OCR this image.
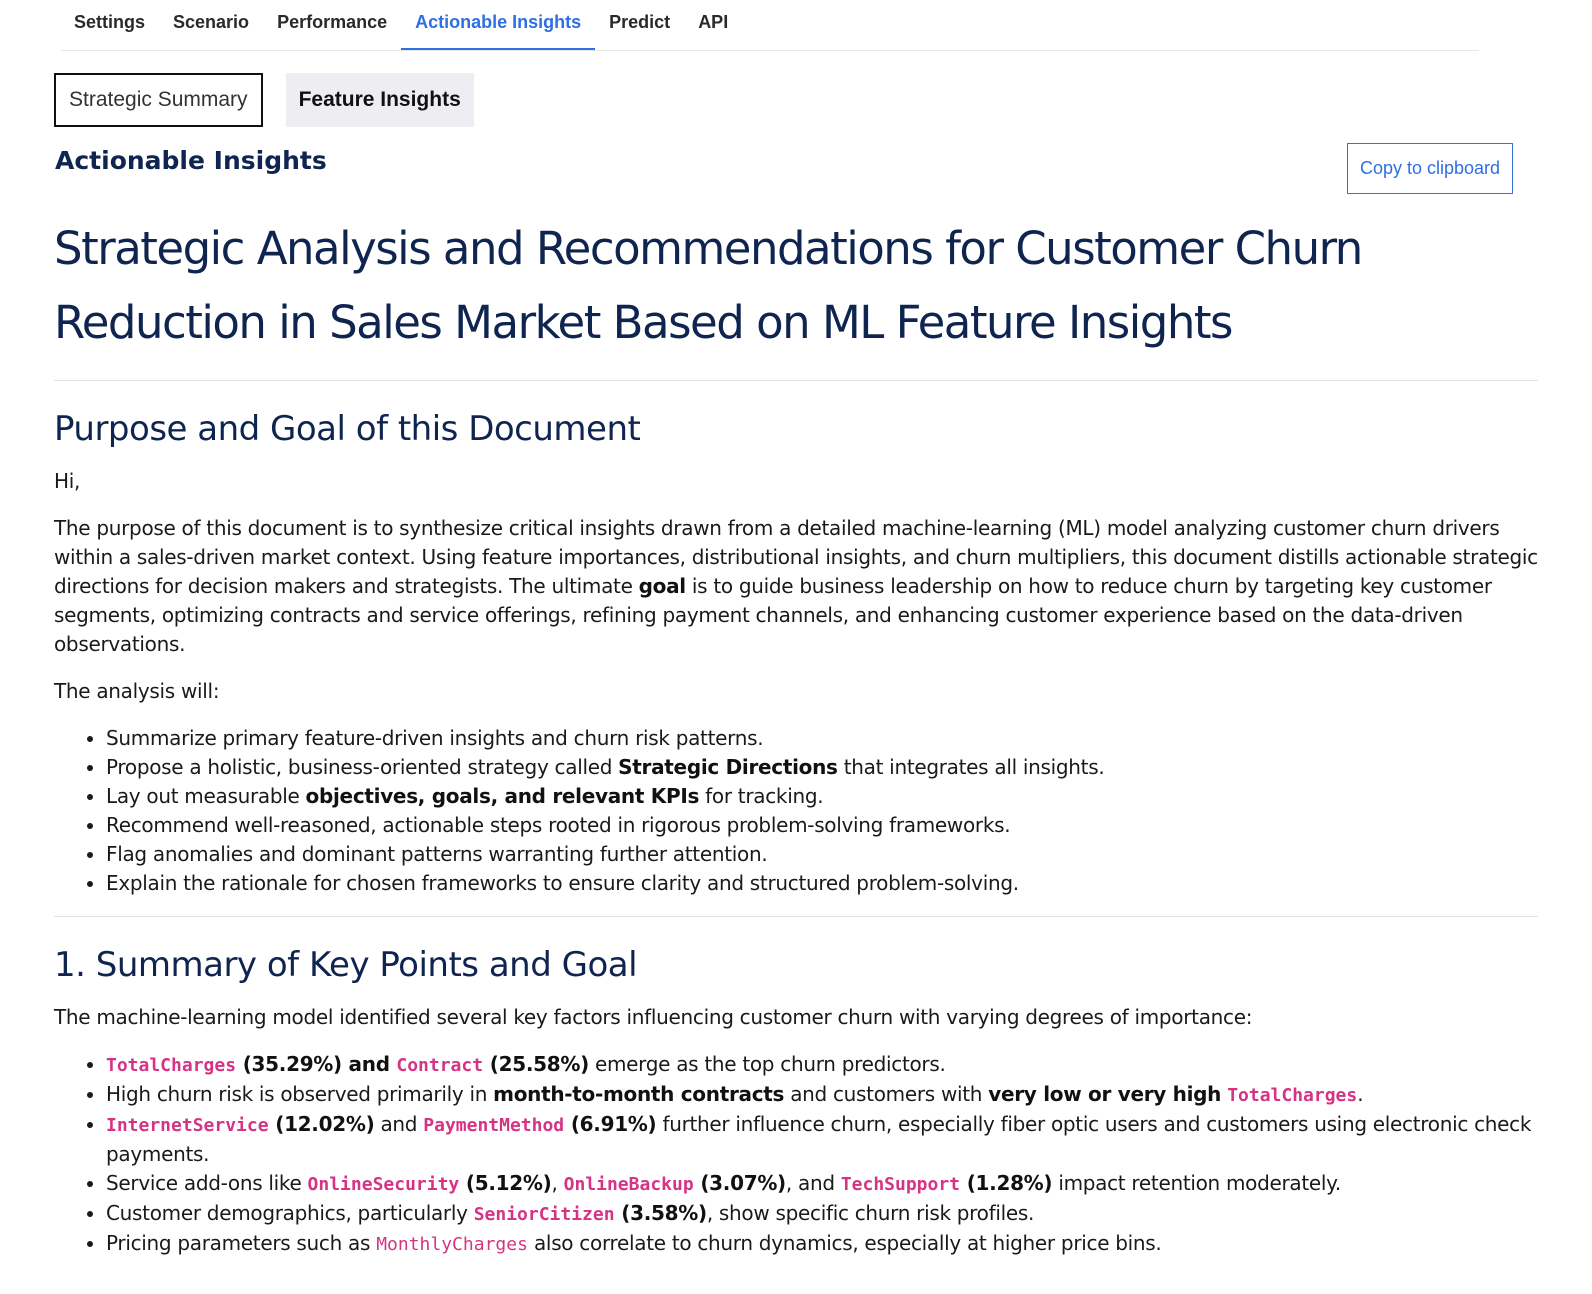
Settings	Scenario	Performance	Actionable Insights	Predict	API
Strategic Summary	Feature Insights
Actionable Insights	Copy to clipboard
Strategic Analysis and Recommendations for Customer Churn Reduction in Sales Market Based on ML Feature Insights
Purpose and Goal of this Document

Hi,

The purpose of this document is to synthesize critical insights drawn from a detailed machine-learning (ML) model analyzing customer churn drivers within a sales-driven market context. Using feature importances, distributional insights, and churn multipliers, this document distills actionable strategic directions for decision makers and strategists. The ultimate goal is to guide business leadership on how to reduce churn by targeting key customer segments, optimizing contracts and service offerings, refining payment channels, and enhancing customer experience based on the data-driven observations.

The analysis will:

• Summarize primary feature-driven insights and churn risk patterns.
• Propose a holistic, business-oriented strategy called Strategic Directions that integrates all insights.
• Lay out measurable objectives, goals, and relevant KPIs for tracking.
• Recommend well-reasoned, actionable steps rooted in rigorous problem-solving frameworks.
• Flag anomalies and dominant patterns warranting further attention.
• Explain the rationale for chosen frameworks to ensure clarity and structured problem-solving.
1. Summary of Key Points and Goal

The machine-learning model identified several key factors influencing customer churn with varying degrees of importance:

• TotalCharges (35.29%) and Contract (25.58%) emerge as the top churn predictors.
• High churn risk is observed primarily in month-to-month contracts and customers with very low or very high TotalCharges.
• InternetService (12.02%) and PaymentMethod (6.91%) further influence churn, especially fiber optic users and customers using electronic check payments.
• Service add-ons like OnlineSecurity (5.12%), OnlineBackup (3.07%), and TechSupport (1.28%) impact retention moderately.
• Customer demographics, particularly SeniorCitizen (3.58%), show specific churn risk profiles.
• Pricing parameters such as MonthlyCharges also correlate to churn dynamics, especially at higher price bins.
